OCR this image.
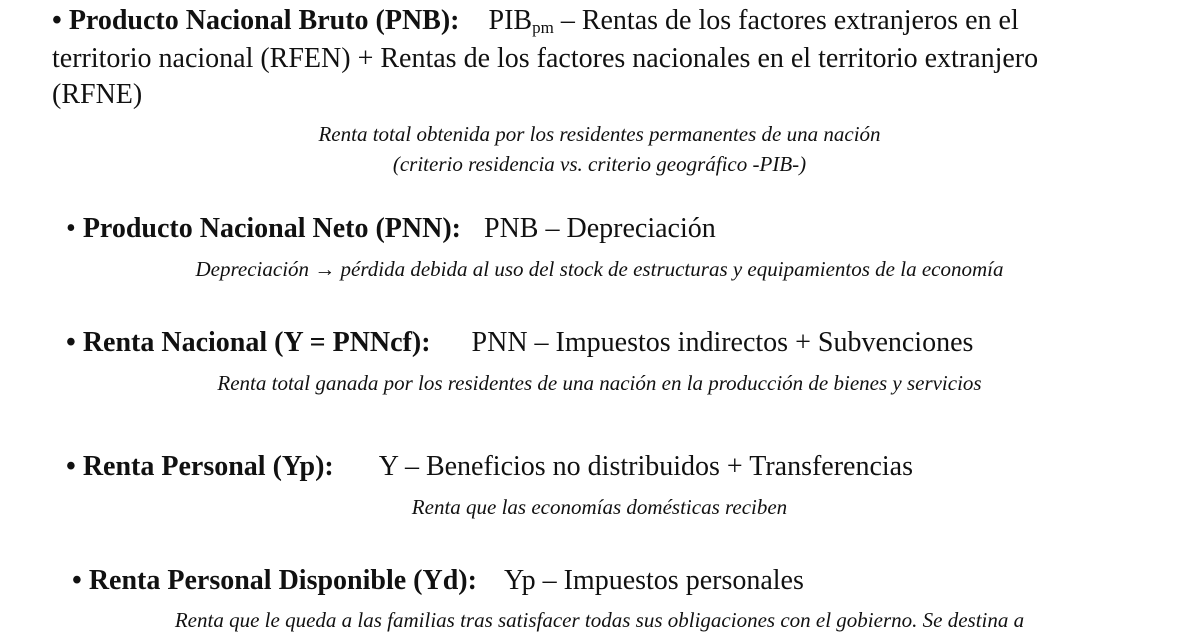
• Producto Nacional Bruto (PNB): $PIB_{pm}$ – Rentas de los factores extranjeros en el
territorio nacional (RFEN) + Rentas de los factores nacionales en el territorio extranjero
(RFNE)
Renta total obtenida por los residentes permanentes de una nación
(criterio residencia vs. criterio geográfico -PIB-)
• Producto Nacional Neto (PNN): PNB – Depreciación
Depreciación → pérdida debida al uso del stock de estructuras y equipamientos de la economía
• Renta Nacional (Y = PNNcf): PNN – Impuestos indirectos + Subvenciones
Renta total ganada por los residentes de una nación en la producción de bienes y servicios
• Renta Personal (Yp): Y – Beneficios no distribuidos + Transferencias
Renta que las economías domésticas reciben
• Renta Personal Disponible (Yd): Yp – Impuestos personales
Renta que le queda a las familias tras satisfacer todas sus obligaciones con el gobierno. Se destina a
